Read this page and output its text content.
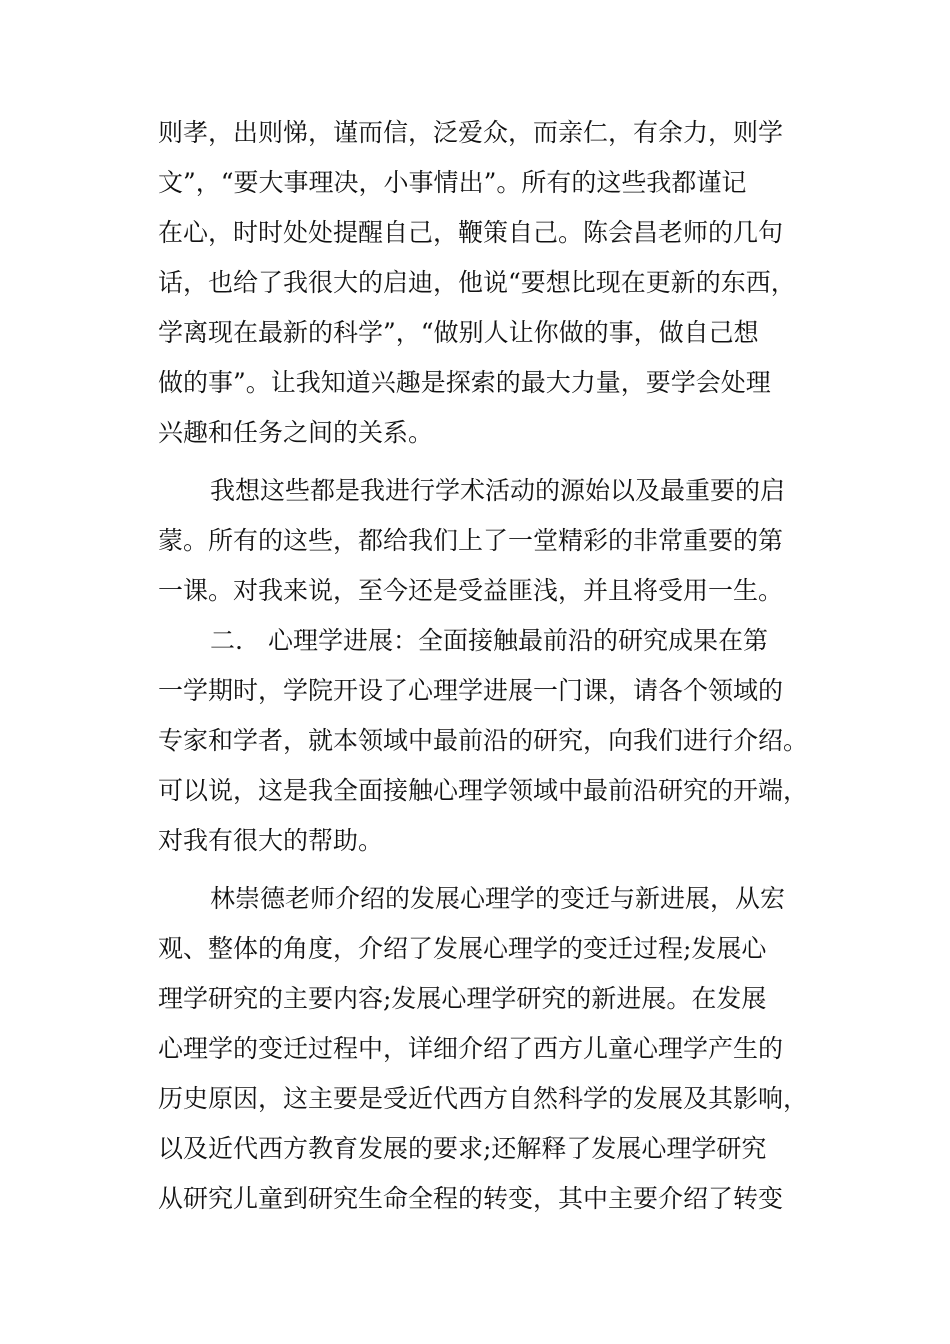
则孝，出则悌，谨而信，泛爱众，而亲仁，有余力，则学
文”，“要大事理决，小事情出”。所有的这些我都谨记
在心，时时处处提醒自己，鞭策自己。陈会昌老师的几句
话，也给了我很大的启迪，他说“要想比现在更新的东西，
学离现在最新的科学”，“做别人让你做的事，做自己想
做的事”。让我知道兴趣是探索的最大力量，要学会处理
兴趣和任务之间的关系。
我想这些都是我进行学术活动的源始以及最重要的启
蒙。所有的这些，都给我们上了一堂精彩的非常重要的第
一课。对我来说，至今还是受益匪浅，并且将受用一生。
二.　心理学进展：全面接触最前沿的研究成果在第
一学期时，学院开设了心理学进展一门课，请各个领域的
专家和学者，就本领域中最前沿的研究，向我们进行介绍。
可以说，这是我全面接触心理学领域中最前沿研究的开端，
对我有很大的帮助。
林崇德老师介绍的发展心理学的变迁与新进展，从宏
观、整体的角度，介绍了发展心理学的变迁过程;发展心
理学研究的主要内容;发展心理学研究的新进展。在发展
心理学的变迁过程中，详细介绍了西方儿童心理学产生的
历史原因，这主要是受近代西方自然科学的发展及其影响，
以及近代西方教育发展的要求;还解释了发展心理学研究
从研究儿童到研究生命全程的转变，其中主要介绍了转变
